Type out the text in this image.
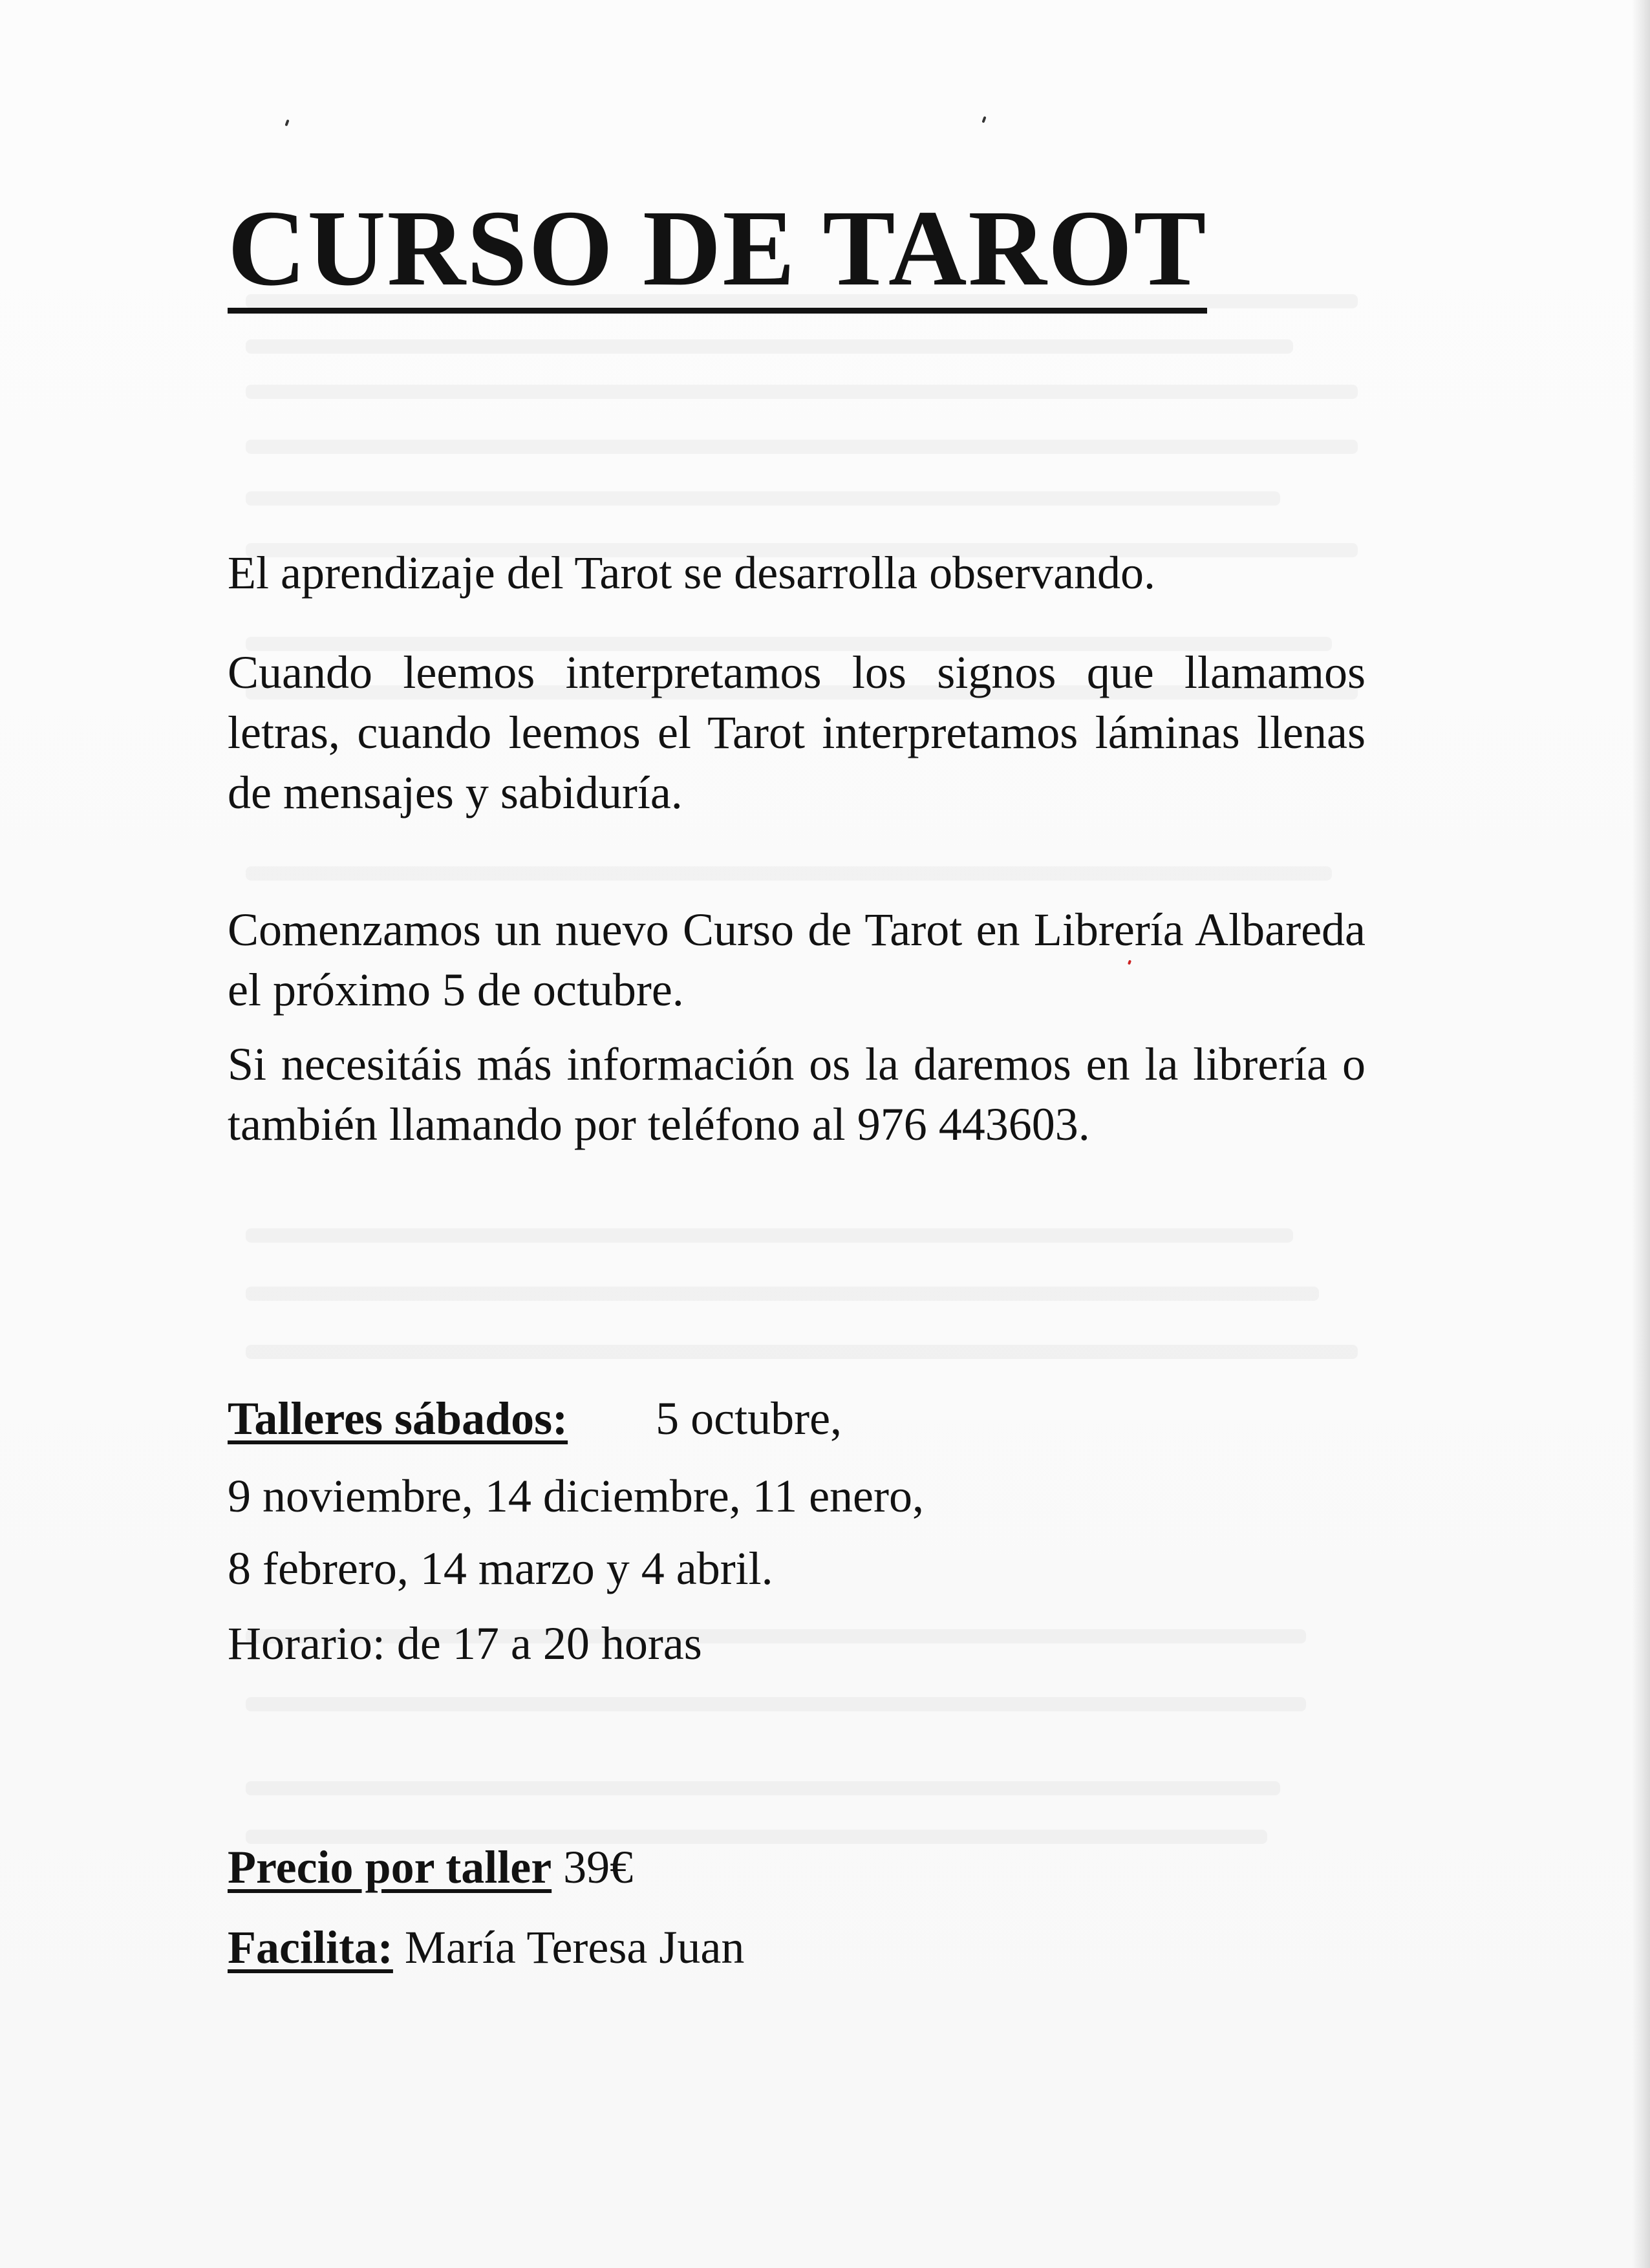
CURSO DE TAROT

El aprendizaje del Tarot se desarrolla observando.

Cuando leemos interpretamos los signos que llamamos letras, cuando leemos el Tarot interpretamos láminas llenas de mensajes y sabiduría.

Comenzamos un nuevo Curso de Tarot en Librería Albareda el próximo 5 de octubre.

Si necesitáis más información os la daremos en la librería o también llamando por teléfono al 976 443603.

Talleres sábados: 5 octubre,
9 noviembre, 14 diciembre, 11 enero,
8 febrero, 14 marzo y 4 abril.
Horario: de 17 a 20 horas
Precio por taller 39€
Facilita: María Teresa Juan
